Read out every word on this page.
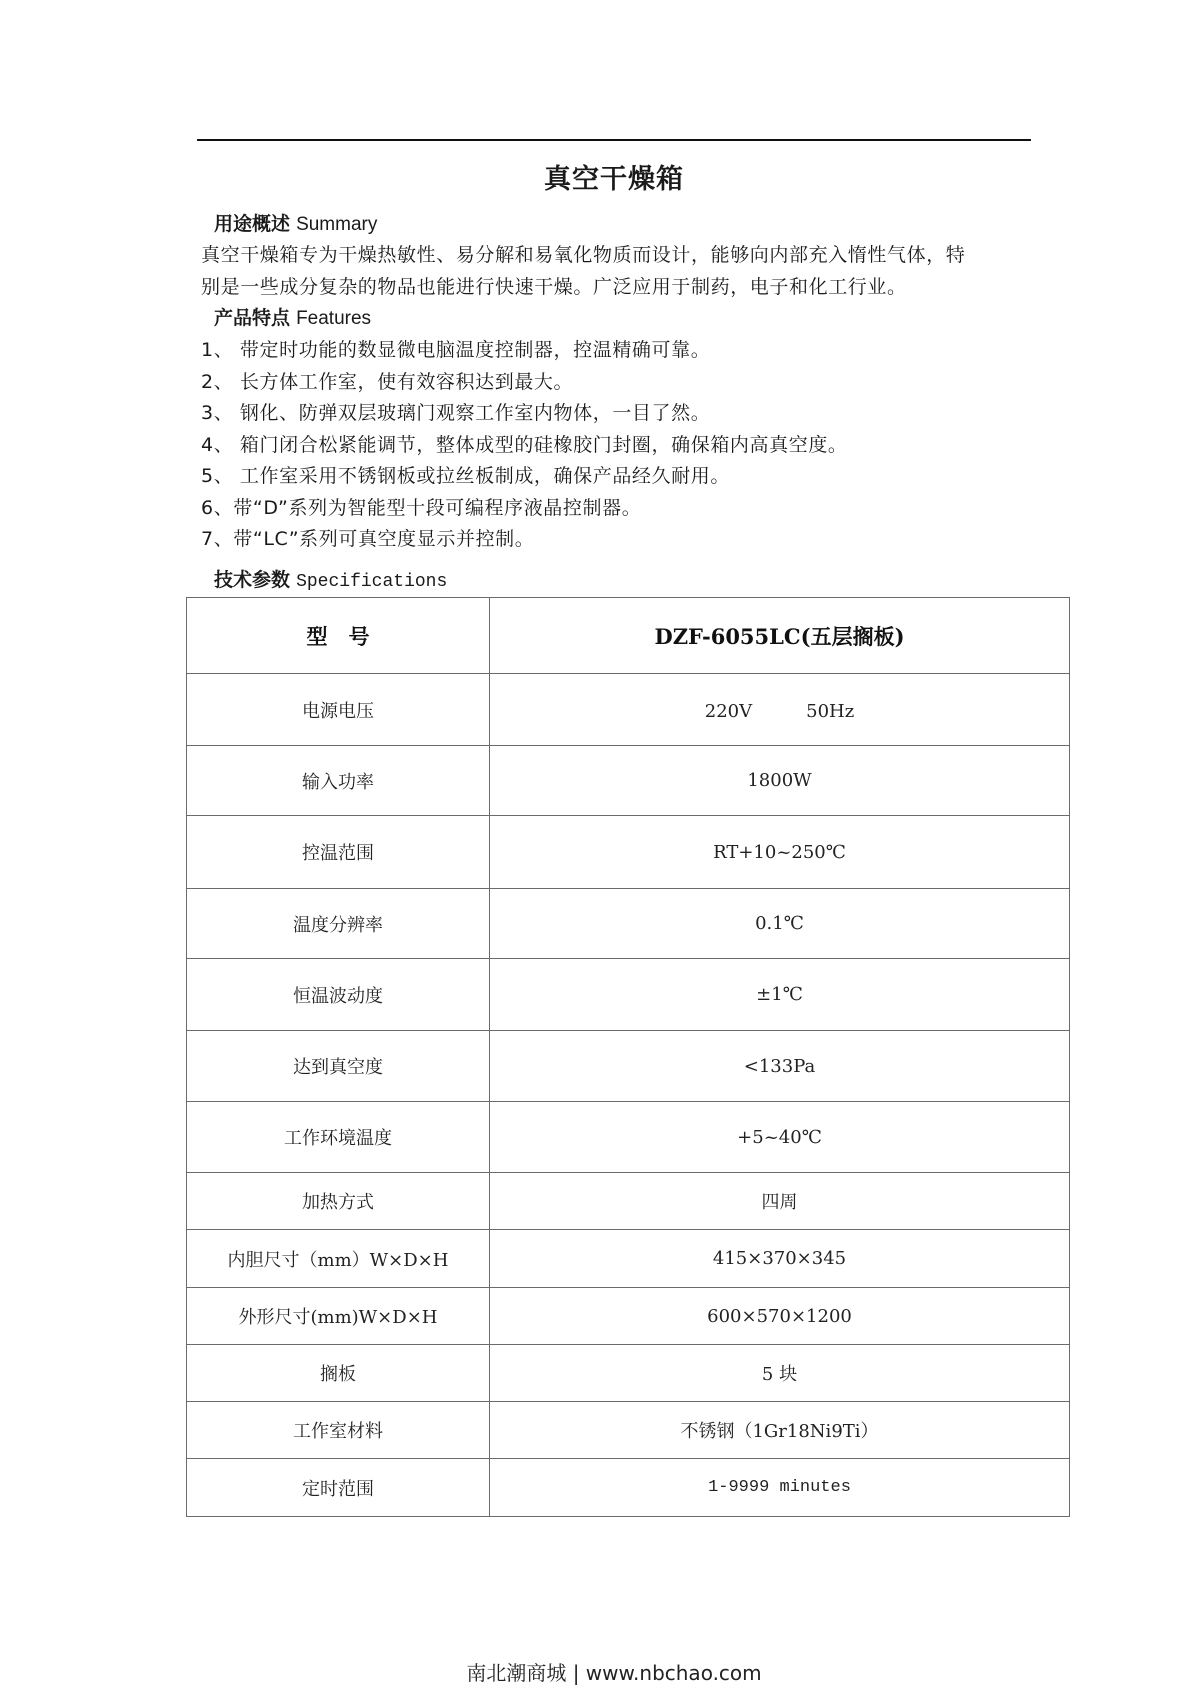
真空干燥箱
用途概述 Summary
真空干燥箱专为干燥热敏性、易分解和易氧化物质而设计，能够向内部充入惰性气体，特
别是一些成分复杂的物品也能进行快速干燥。广泛应用于制药，电子和化工行业。
产品特点 Features
1、 带定时功能的数显微电脑温度控制器，控温精确可靠。
2、 长方体工作室，使有效容积达到最大。
3、 钢化、防弹双层玻璃门观察工作室内物体，一目了然。
4、 箱门闭合松紧能调节，整体成型的硅橡胶门封圈，确保箱内高真空度。
5、 工作室采用不锈钢板或拉丝板制成，确保产品经久耐用。
6、带“D”系列为智能型十段可编程序液晶控制器。
7、带“LC”系列可真空度显示并控制。
技术参数 Specifications
型　号	DZF-6055LC(五层搁板)
电源电压	220V　　　50Hz
输入功率	1800W
控温范围	RT+10~250℃
温度分辨率	0.1℃
恒温波动度	±1℃
达到真空度	<133Pa
工作环境温度	+5~40℃
加热方式	四周
内胆尺寸（mm）W×D×H	415×370×345
外形尺寸(mm)W×D×H	600×570×1200
搁板	5 块
工作室材料	不锈钢（1Gr18Ni9Ti）
定时范围	1-9999 minutes
南北潮商城 | www.nbchao.com
